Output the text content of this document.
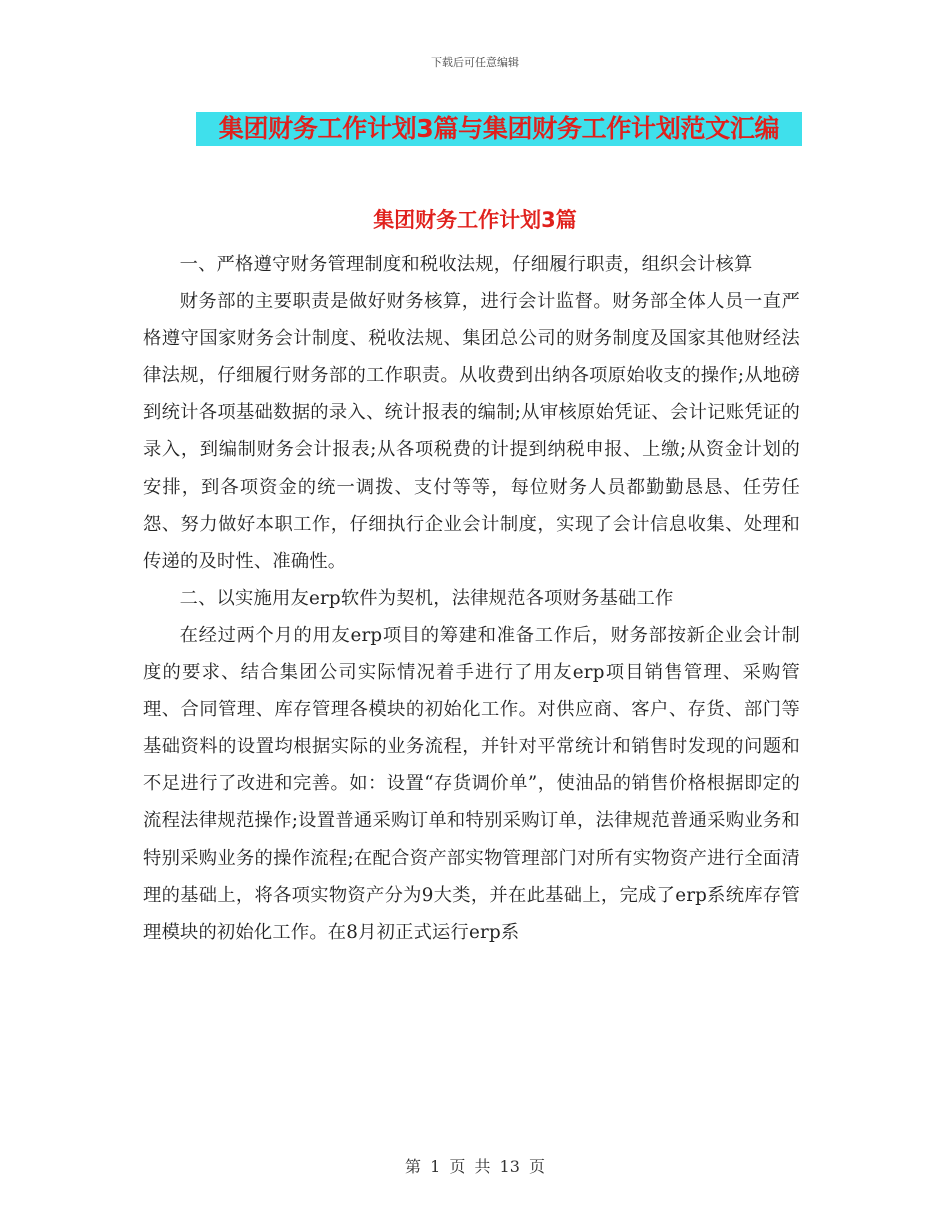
下载后可任意编辑
集团财务工作计划3篇与集团财务工作计划范文汇编
集团财务工作计划3篇

一、严格遵守财务管理制度和税收法规，仔细履行职责，组织会计核算

财务部的主要职责是做好财务核算，进行会计监督。财务部全体人员一直严格遵守国家财务会计制度、税收法规、集团总公司的财务制度及国家其他财经法律法规，仔细履行财务部的工作职责。从收费到出纳各项原始收支的操作;从地磅到统计各项基础数据的录入、统计报表的编制;从审核原始凭证、会计记账凭证的录入，到编制财务会计报表;从各项税费的计提到纳税申报、上缴;从资金计划的安排，到各项资金的统一调拨、支付等等，每位财务人员都勤勤恳恳、任劳任怨、努力做好本职工作，仔细执行企业会计制度，实现了会计信息收集、处理和传递的及时性、准确性。

二、以实施用友erp软件为契机，法律规范各项财务基础工作

在经过两个月的用友erp项目的筹建和准备工作后，财务部按新企业会计制度的要求、结合集团公司实际情况着手进行了用友erp项目销售管理、采购管理、合同管理、库存管理各模块的初始化工作。对供应商、客户、存货、部门等基础资料的设置均根据实际的业务流程，并针对平常统计和销售时发现的问题和不足进行了改进和完善。如：设置“存货调价单”，使油品的销售价格根据即定的流程法律规范操作;设置普通采购订单和特别采购订单，法律规范普通采购业务和特别采购业务的操作流程;在配合资产部实物管理部门对所有实物资产进行全面清理的基础上，将各项实物资产分为9大类，并在此基础上，完成了erp系统库存管理模块的初始化工作。在8月初正式运行erp系

第 1 页 共 13 页
